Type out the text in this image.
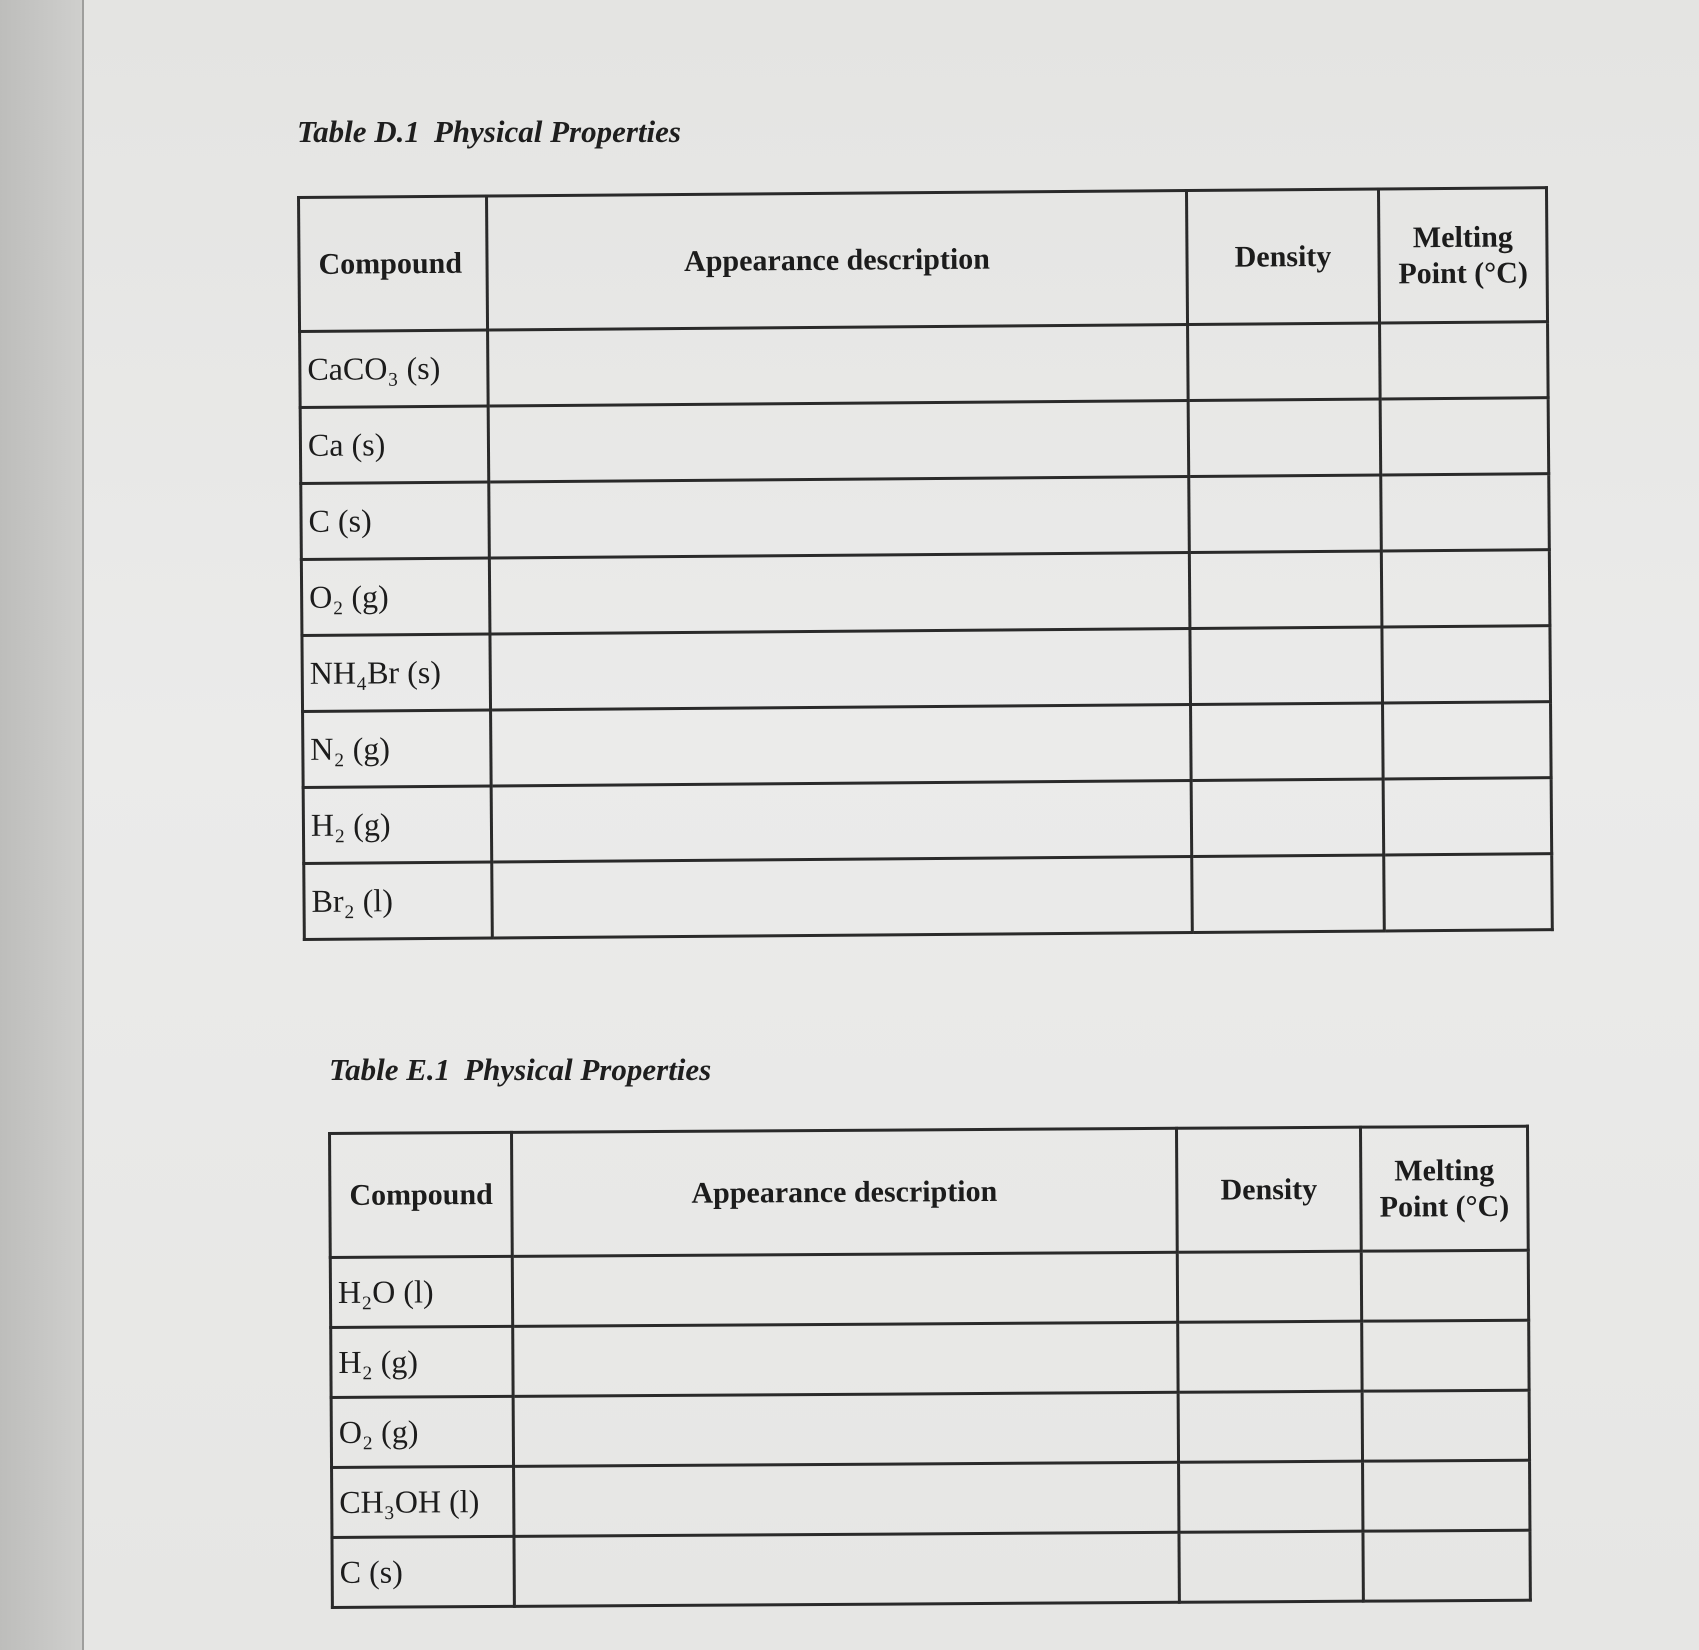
Table D.1 Physical Properties

Compound	Appearance description	Density	Melting
Point (°C)

CaCO₃ (s)			
Ca (s)			
C (s)			
O₂ (g)			
NH₄Br (s)			
N₂ (g)			
H₂ (g)			
Br₂ (l)			

Table E.1 Physical Properties

Compound	Appearance description	Density	Melting
Point (°C)

H₂O (l)			
H₂ (g)			
O₂ (g)			
CH₃OH (l)			
C (s)			
